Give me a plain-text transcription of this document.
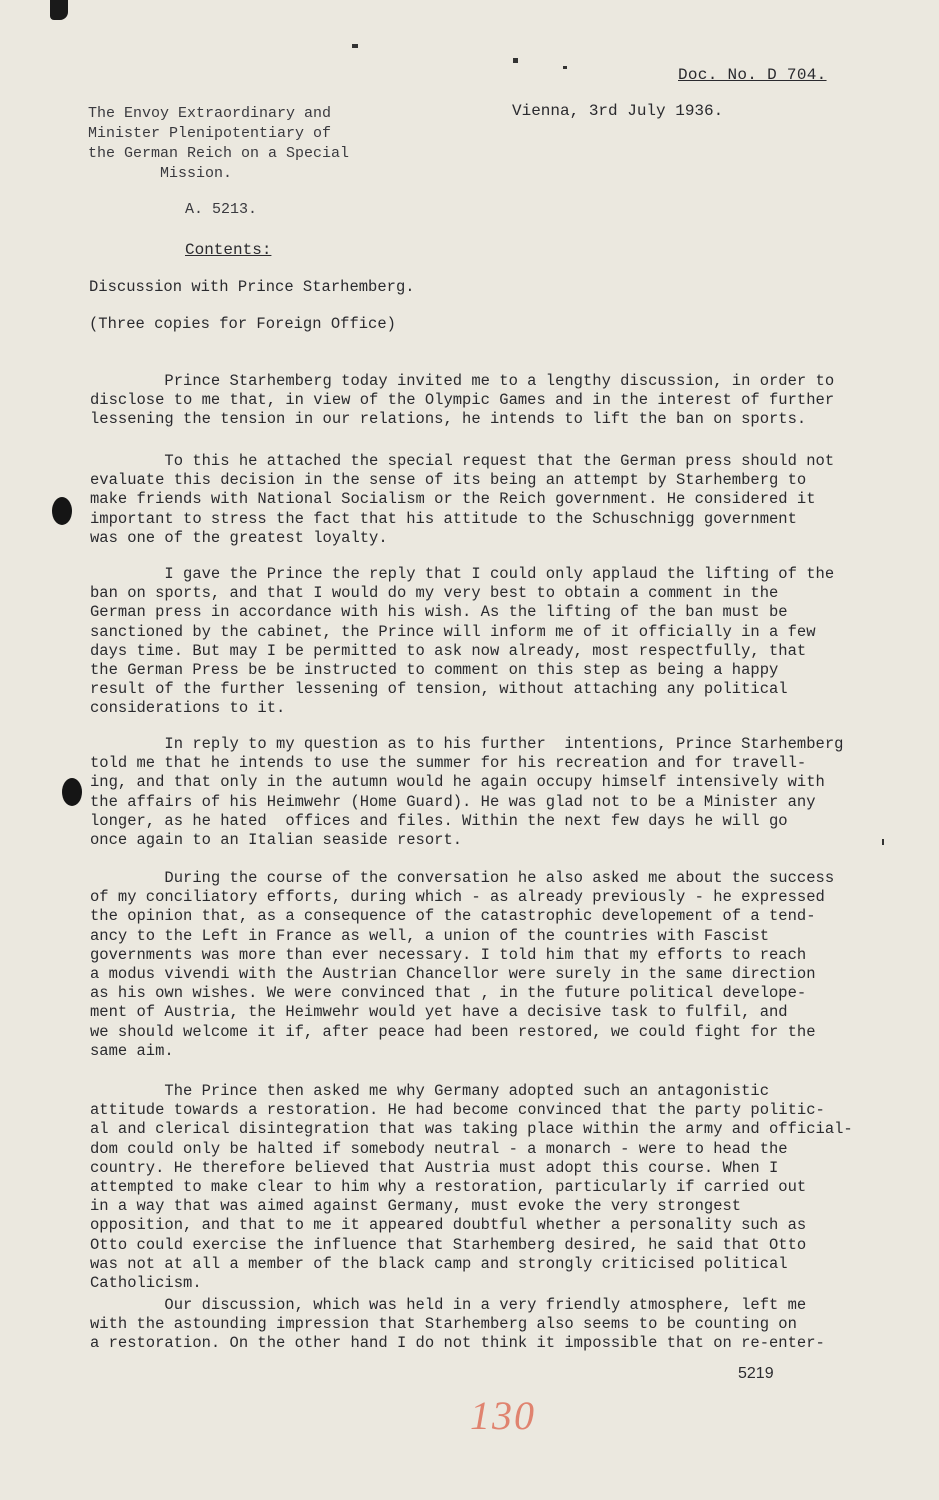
Doc. No. D 704.
Vienna, 3rd July 1936.
The Envoy Extraordinary and
Minister Plenipotentiary of
the German Reich on a Special
Mission.
A. 5213.
Contents:
Discussion with Prince Starhemberg.
(Three copies for Foreign Office)
Prince Starhemberg today invited me to a lengthy discussion, in order to
disclose to me that, in view of the Olympic Games and in the interest of further
lessening the tension in our relations, he intends to lift the ban on sports.
To this he attached the special request that the German press should not
evaluate this decision in the sense of its being an attempt by Starhemberg to
make friends with National Socialism or the Reich government. He considered it
important to stress the fact that his attitude to the Schuschnigg government
was one of the greatest loyalty.
I gave the Prince the reply that I could only applaud the lifting of the
ban on sports, and that I would do my very best to obtain a comment in the
German press in accordance with his wish. As the lifting of the ban must be
sanctioned by the cabinet, the Prince will inform me of it officially in a few
days time. But may I be permitted to ask now already, most respectfully, that
the German Press be be instructed to comment on this step as being a happy
result of the further lessening of tension, without attaching any political
considerations to it.
In reply to my question as to his further  intentions, Prince Starhemberg
told me that he intends to use the summer for his recreation and for travell-
ing, and that only in the autumn would he again occupy himself intensively with
the affairs of his Heimwehr (Home Guard). He was glad not to be a Minister any
longer, as he hated  offices and files. Within the next few days he will go
once again to an Italian seaside resort.
During the course of the conversation he also asked me about the success
of my conciliatory efforts, during which - as already previously - he expressed
the opinion that, as a consequence of the catastrophic developement of a tend-
ancy to the Left in France as well, a union of the countries with Fascist
governments was more than ever necessary. I told him that my efforts to reach
a modus vivendi with the Austrian Chancellor were surely in the same direction
as his own wishes. We were convinced that , in the future political develope-
ment of Austria, the Heimwehr would yet have a decisive task to fulfil, and
we should welcome it if, after peace had been restored, we could fight for the
same aim.
The Prince then asked me why Germany adopted such an antagonistic
attitude towards a restoration. He had become convinced that the party politic-
al and clerical disintegration that was taking place within the army and official-
dom could only be halted if somebody neutral - a monarch - were to head the
country. He therefore believed that Austria must adopt this course. When I
attempted to make clear to him why a restoration, particularly if carried out
in a way that was aimed against Germany, must evoke the very strongest
opposition, and that to me it appeared doubtful whether a personality such as
Otto could exercise the influence that Starhemberg desired, he said that Otto
was not at all a member of the black camp and strongly criticised political
Catholicism.
Our discussion, which was held in a very friendly atmosphere, left me
with the astounding impression that Starhemberg also seems to be counting on
a restoration. On the other hand I do not think it impossible that on re-enter-
5219
130
